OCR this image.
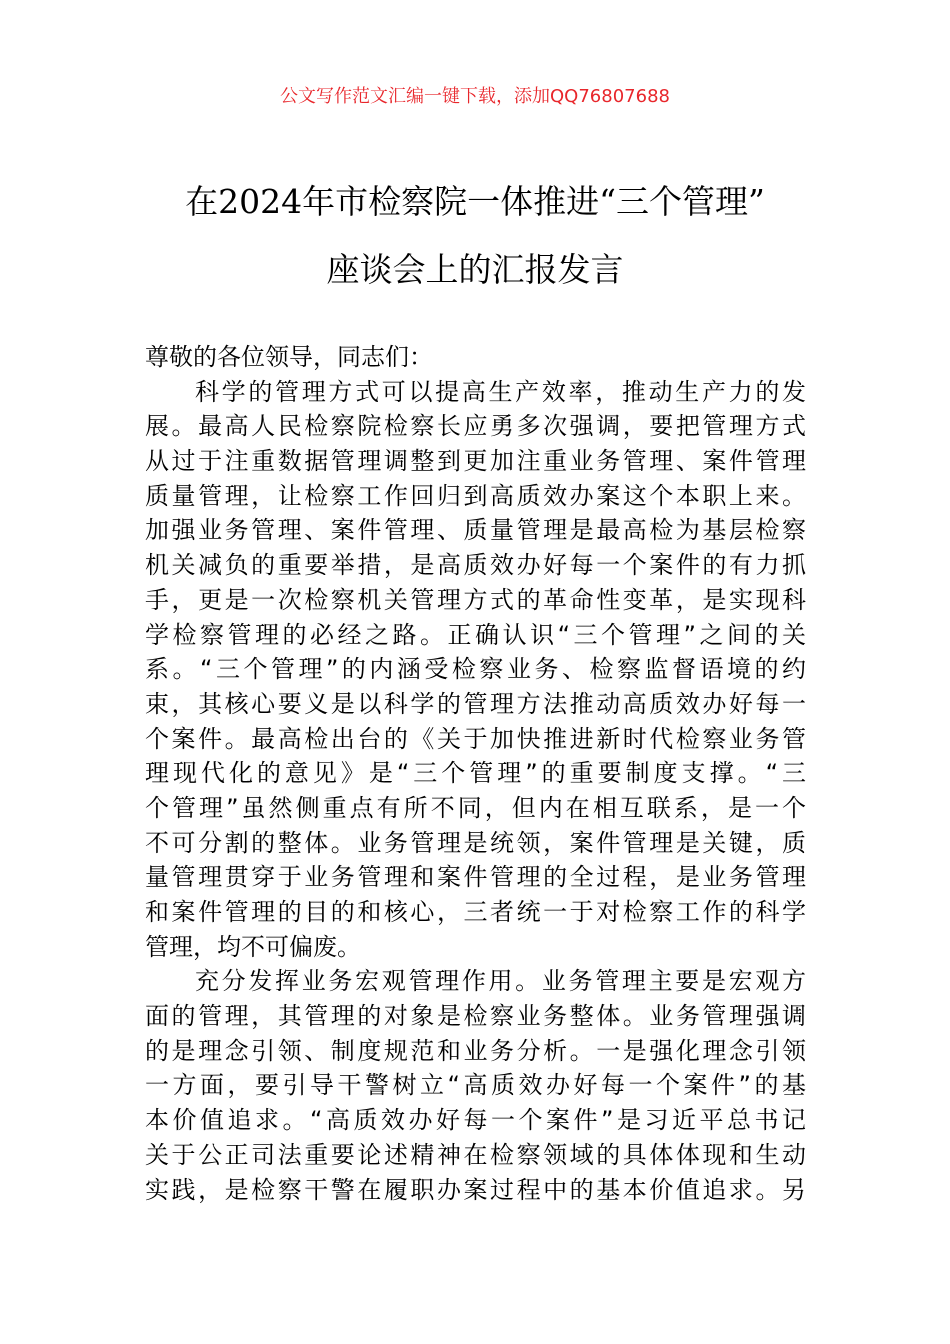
公文写作范文汇编一键下载，添加QQ76807688
在2024年市检察院一体推进“三个管理”
座谈会上的汇报发言
尊敬的各位领导，同志们：
科学的管理方式可以提高生产效率，推动生产力的发
展。最高人民检察院检察长应勇多次强调，要把管理方式
从过于注重数据管理调整到更加注重业务管理、案件管理
质量管理，让检察工作回归到高质效办案这个本职上来。
加强业务管理、案件管理、质量管理是最高检为基层检察
机关减负的重要举措，是高质效办好每一个案件的有力抓
手，更是一次检察机关管理方式的革命性变革，是实现科
学检察管理的必经之路。正确认识“三个管理”之间的关
系。“三个管理”的内涵受检察业务、检察监督语境的约
束，其核心要义是以科学的管理方法推动高质效办好每一
个案件。最高检出台的《关于加快推进新时代检察业务管
理现代化的意见》是“三个管理”的重要制度支撑。“三
个管理”虽然侧重点有所不同，但内在相互联系，是一个
不可分割的整体。业务管理是统领，案件管理是关键，质
量管理贯穿于业务管理和案件管理的全过程，是业务管理
和案件管理的目的和核心，三者统一于对检察工作的科学
管理，均不可偏废。
充分发挥业务宏观管理作用。业务管理主要是宏观方
面的管理，其管理的对象是检察业务整体。业务管理强调
的是理念引领、制度规范和业务分析。一是强化理念引领
一方面，要引导干警树立“高质效办好每一个案件”的基
本价值追求。“高质效办好每一个案件”是习近平总书记
关于公正司法重要论述精神在检察领域的具体体现和生动
实践，是检察干警在履职办案过程中的基本价值追求。另
